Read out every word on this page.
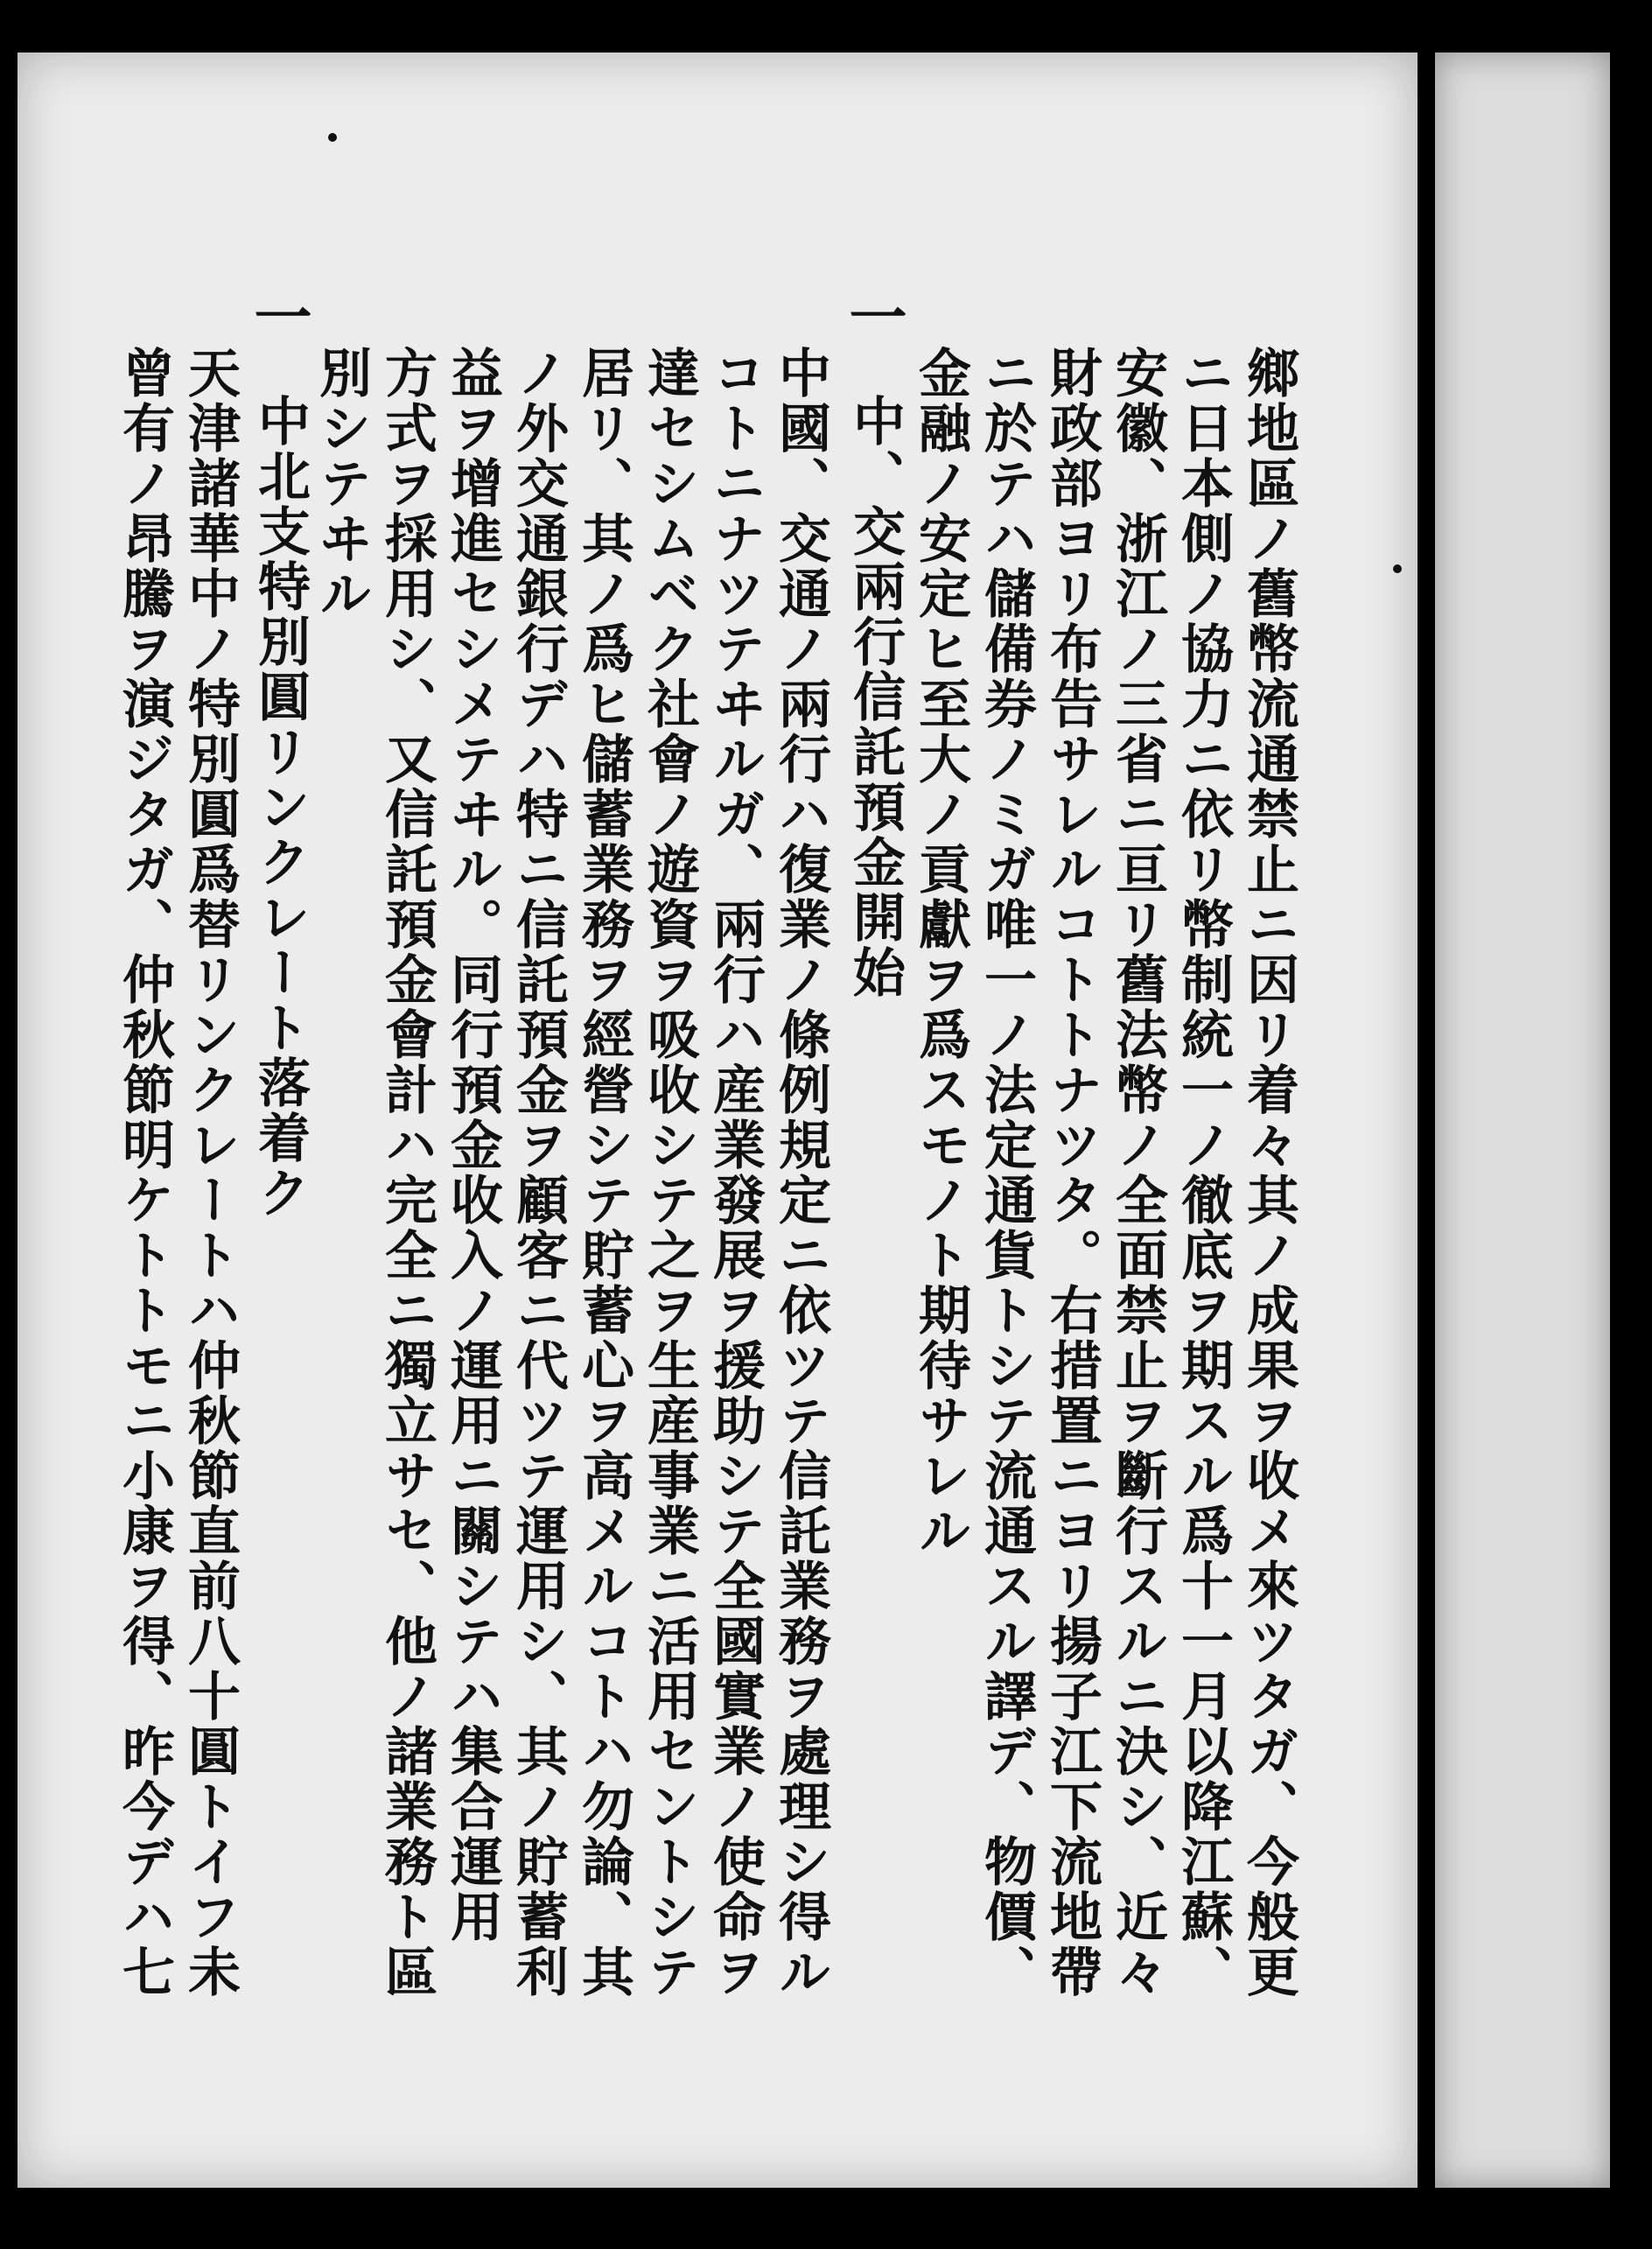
一
一
鄉地區ノ舊幣流通禁止ニ因リ着々其ノ成果ヲ收メ來ツタガ、今般更
ニ日本側ノ協力ニ依リ幣制統一ノ徹底ヲ期スル爲十一月以降江蘇、
安徽、浙江ノ三省ニ亘リ舊法幣ノ全面禁止ヲ斷行スルニ決シ、近々
財政部ヨリ布告サレルコトトナツタ。右措置ニヨリ揚子江下流地帶
ニ於テハ儲備券ノミガ唯一ノ法定通貨トシテ流通スル譯デ、物價、
金融ノ安定ヒ至大ノ貢獻ヲ爲スモノト期待サレル
中、交兩行信託預金開始
中國、交通ノ兩行ハ復業ノ條例規定ニ依ツテ信託業務ヲ處理シ得ル
コトニナツテヰルガ、兩行ハ産業發展ヲ援助シテ全國實業ノ使命ヲ
達セシムベク社會ノ遊資ヲ吸收シテ之ヲ生産事業ニ活用セントシテ
居リ、其ノ爲ヒ儲蓄業務ヲ經營シテ貯蓄心ヲ高メルコトハ勿論、其
ノ外交通銀行デハ特ニ信託預金ヲ顧客ニ代ツテ運用シ、其ノ貯蓄利
益ヲ增進セシメテヰル。同行預金收入ノ運用ニ關シテハ集合運用
方式ヲ採用シ、又信託預金會計ハ完全ニ獨立サセ、他ノ諸業務ト區
別シテヰル
中北支特別圓リンクレート落着ク
天津諸華中ノ特別圓爲替リンクレートハ仲秋節直前八十圓トイフ未
曾有ノ昂騰ヲ演ジタガ、仲秋節明ケトトモニ小康ヲ得、昨今デハ七
